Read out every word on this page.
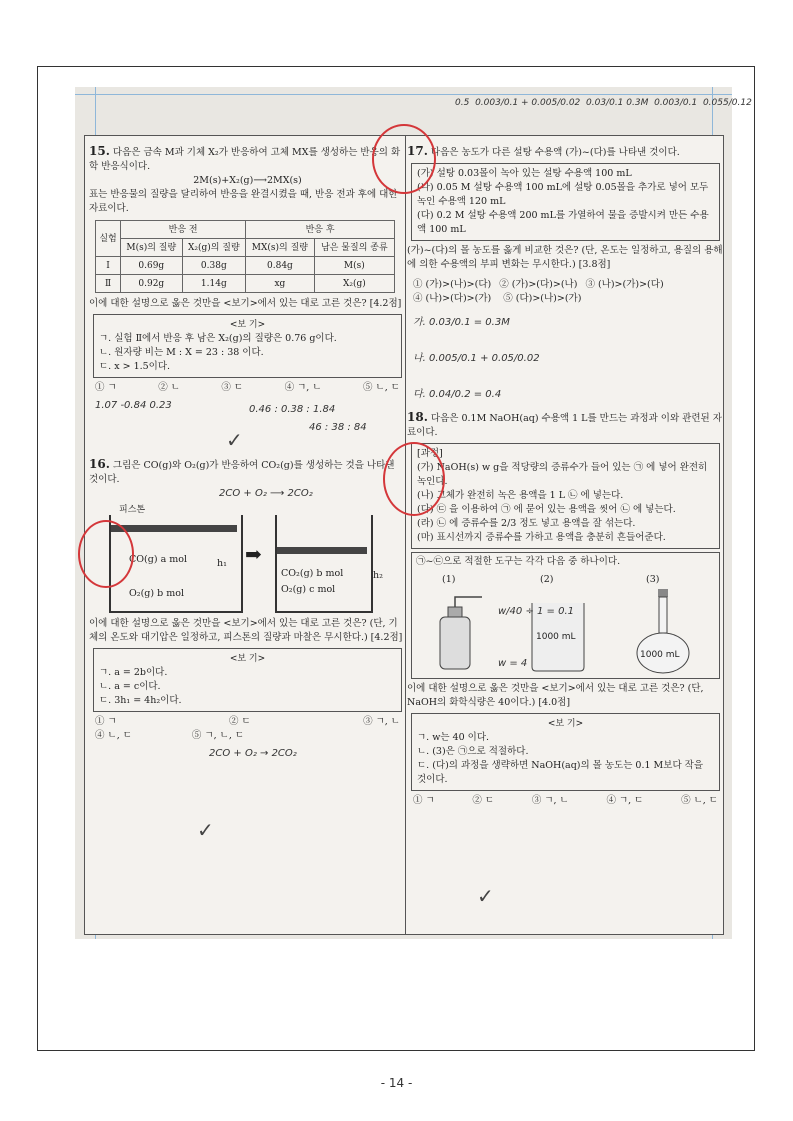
0.5 0.003/0.1 + 0.005/0.02 0.03/0.1 0.3M 0.003/0.1 0.055/0.12

15. 다음은 금속 M과 기체 X₂가 반응하여 고체 MX를 생성하는 반응의 화학 반응식이다.

2M(s)+X₂(g)⟶2MX(s)

표는 반응물의 질량을 달리하여 반응을 완결시켰을 때, 반응 전과 후에 대한 자료이다.

실험	반응 전		반응 후	
	M(s)의 질량	X₂(g)의 질량	MX(s)의 질량	남은 물질의 종류
Ⅰ	0.69g	0.38g	0.84g	M(s)
Ⅱ	0.92g	1.14g	xg	X₂(g)

이에 대한 설명으로 옳은 것만을 <보기>에서 있는 대로 고른 것은? [4.2점]

<보 기>
ㄱ. 실험 Ⅱ에서 반응 후 남은 X₂(g)의 질량은 0.76 g이다.
ㄴ. 원자량 비는 M : X = 23 : 38 이다.
ㄷ. x > 1.5이다.
① ㄱ	② ㄴ	③ ㄷ	④ ㄱ, ㄴ	⑤ ㄴ, ㄷ
1.07 -0.84 0.23	0.46 : 0.38 : 1.84
46 : 38 : 84

16. 그림은 CO(g)와 O₂(g)가 반응하여 CO₂(g)를 생성하는 것을 나타낸 것이다.

2CO + O₂ ⟶ 2CO₂
피스톤
CO(g) a mol
O₂(g) b mol
h₁ ➡
CO₂(g) b mol
O₂(g) c mol
h₂

이에 대한 설명으로 옳은 것만을 <보기>에서 있는 대로 고른 것은? (단, 기체의 온도와 대기압은 일정하고, 피스톤의 질량과 마찰은 무시한다.) [4.2점]

<보 기>
ㄱ. a = 2b이다.
ㄴ. a = c이다.
ㄷ. 3h₁ = 4h₂이다.
① ㄱ	② ㄷ	③ ㄱ, ㄴ
④ ㄴ, ㄷ	⑤ ㄱ, ㄴ, ㄷ
2CO + O₂ → 2CO₂

17. 다음은 농도가 다른 설탕 수용액 (가)~(다)를 나타낸 것이다.

(가) 설탕 0.03몰이 녹아 있는 설탕 수용액 100 mL
(나) 0.05 M 설탕 수용액 100 mL에 설탕 0.05몰을 추가로 넣어 모두 녹인 수용액 120 mL
(다) 0.2 M 설탕 수용액 200 mL를 가열하여 물을 증발시켜 만든 수용액 100 mL

(가)~(다)의 몰 농도를 옳게 비교한 것은? (단, 온도는 일정하고, 용질의 용해에 의한 수용액의 부피 변화는 무시한다.) [3.8점]

① (가)>(나)>(다) ② (가)>(다)>(나) ③ (나)>(가)>(다)
④ (나)>(다)>(가) ⑤ (다)>(나)>(가)
가. 0.03/0.1 = 0.3M
나. 0.005/0.1 + 0.05/0.02
다. 0.04/0.2 = 0.4

18. 다음은 0.1M NaOH(aq) 수용액 1 L를 만드는 과정과 이와 관련된 자료이다.

[과정]
(가) NaOH(s) w g을 적당량의 증류수가 들어 있는 ㉠ 에 넣어 완전히 녹인다.
(나) 고체가 완전히 녹은 용액을 1 L ㉡ 에 넣는다.
(다) ㉢ 을 이용하여 ㉠ 에 묻어 있는 용액을 씻어 ㉡ 에 넣는다.
(라) ㉡ 에 증류수를 2/3 정도 넣고 용액을 잘 섞는다.
(마) 표시선까지 증류수를 가하고 용액을 충분히 흔들어준다.
㉠~㉢으로 적절한 도구는 각각 다음 중 하나이다.
(1)	(2)	(3)
1000 mL
1000 mL
w/40 ÷ 1 = 0.1
w = 4

이에 대한 설명으로 옳은 것만을 <보기>에서 있는 대로 고른 것은? (단, NaOH의 화학식량은 40이다.) [4.0점]

<보 기>
ㄱ. w는 40 이다.
ㄴ. (3)은 ㉠으로 적절하다.
ㄷ. (다)의 과정을 생략하면 NaOH(aq)의 몰 농도는 0.1 M보다 작을 것이다.
① ㄱ	② ㄷ	③ ㄱ, ㄴ	④ ㄱ, ㄷ	⑤ ㄴ, ㄷ
✓
✓
✓
- 14 -
